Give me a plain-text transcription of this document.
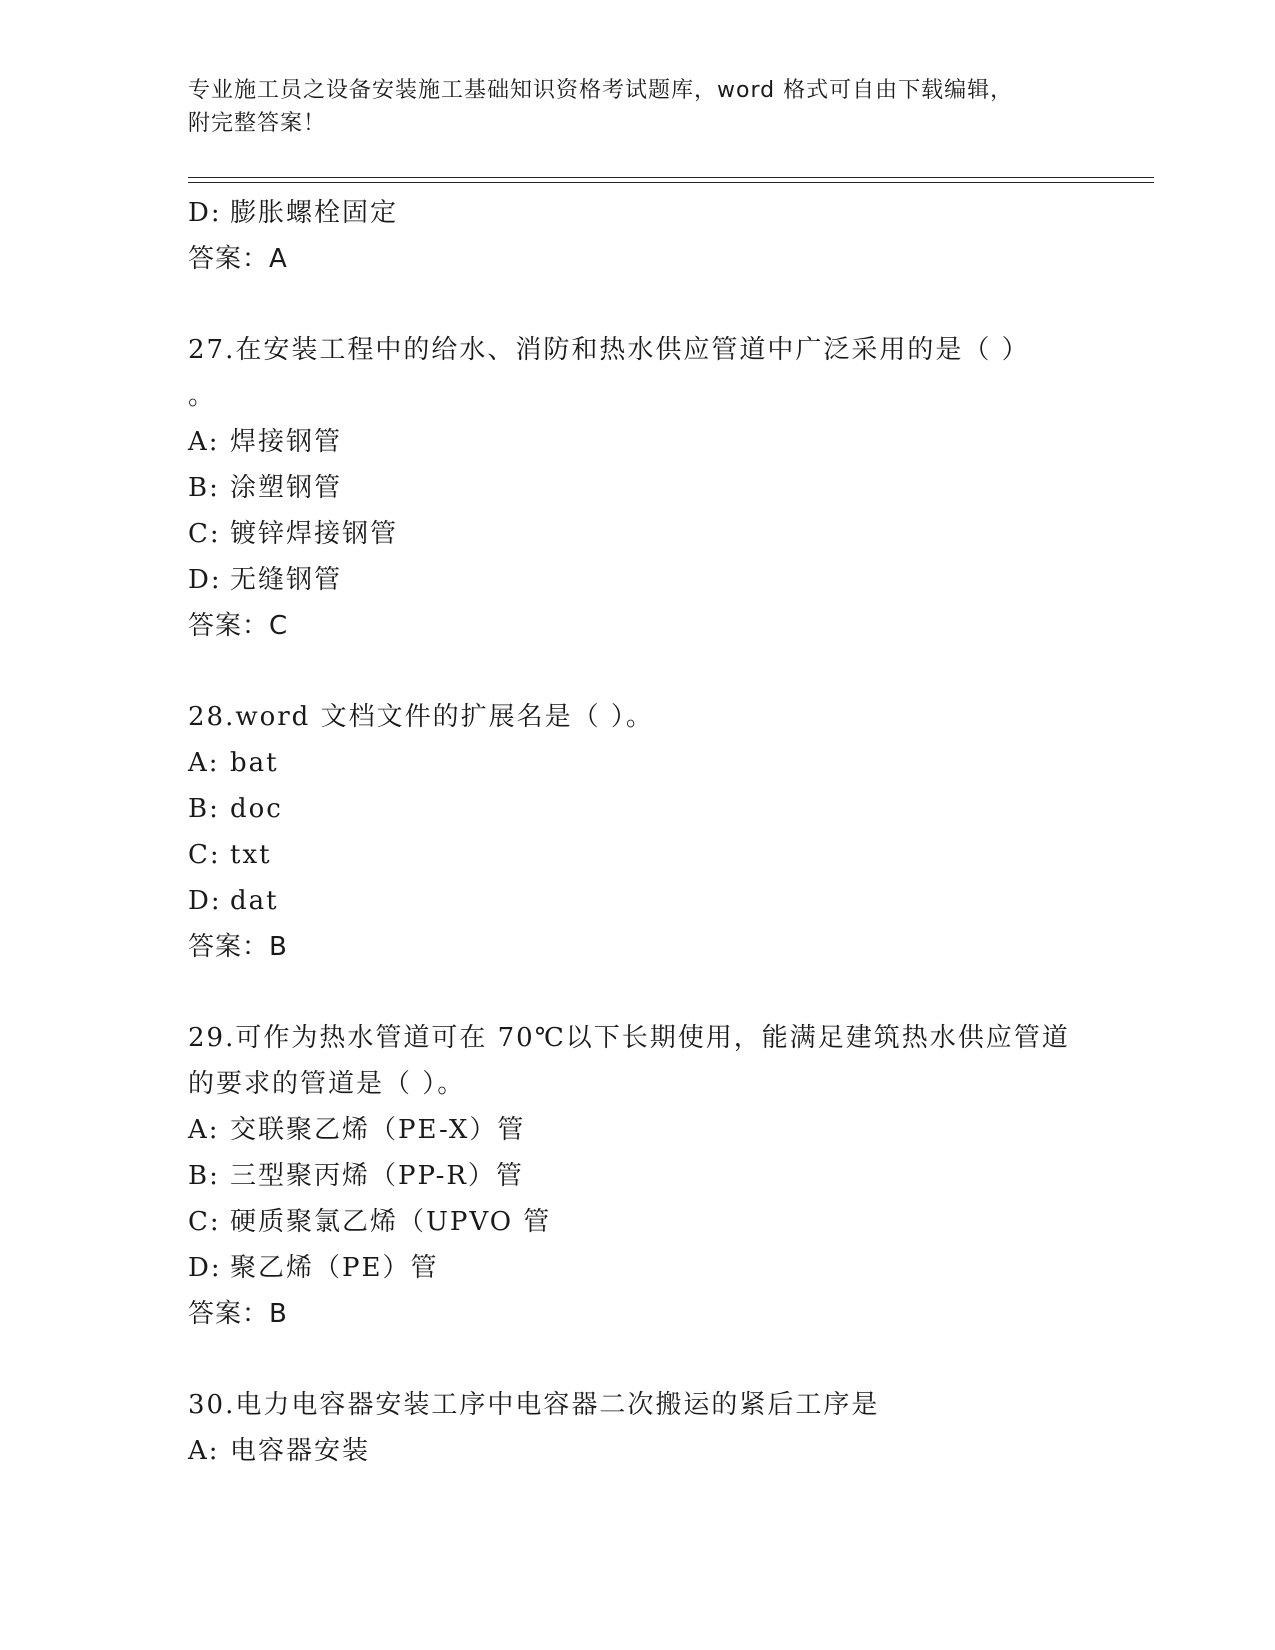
专业施工员之设备安装施工基础知识资格考试题库，word 格式可自由下载编辑，
附完整答案！
D: 膨胀螺栓固定
答案：A
27.在安装工程中的给水、消防和热水供应管道中广泛采用的是（ ）
。
A: 焊接钢管
B: 涂塑钢管
C: 镀锌焊接钢管
D: 无缝钢管
答案：C
28.word 文档文件的扩展名是（ ）。
A: bat
B: doc
C: txt
D: dat
答案：B
29.可作为热水管道可在 70℃以下长期使用，能满足建筑热水供应管道
的要求的管道是（ ）。
A: 交联聚乙烯（PE-X）管
B: 三型聚丙烯（PP-R）管
C: 硬质聚氯乙烯（UPVO 管
D: 聚乙烯（PE）管
答案：B
30.电力电容器安装工序中电容器二次搬运的紧后工序是
A: 电容器安装
